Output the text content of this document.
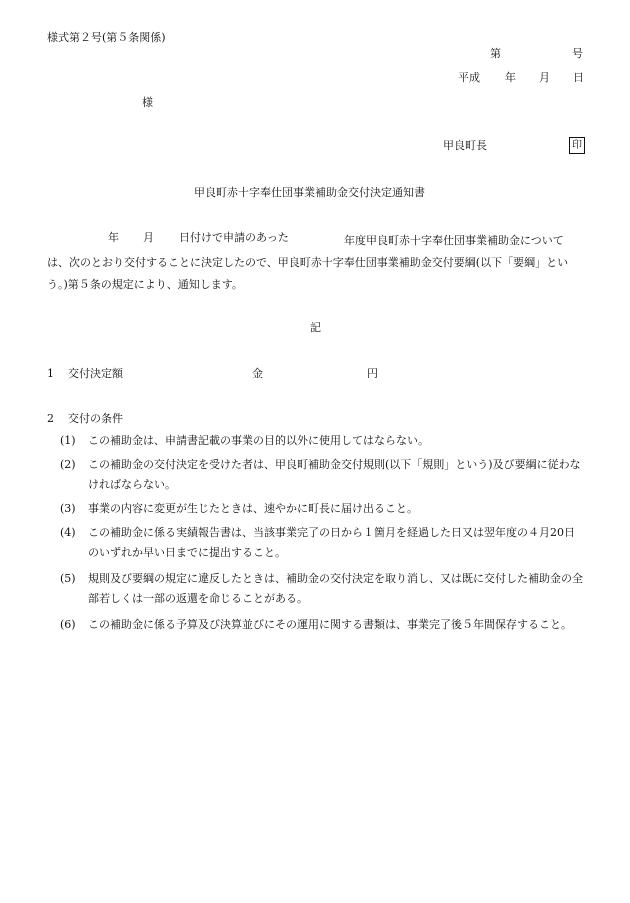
様式第２号(第５条関係)
第	号
平成 年 月 日
様
甲良町長	印
甲良町赤十字奉仕団事業補助金交付決定通知書
年 月 日付けで申請のあった	年度甲良町赤十字奉仕団事業補助金については、次のとおり交付することに決定したので、甲良町赤十字奉仕団事業補助金交付要綱(以下「要綱」という。)第５条の規定により、通知します。
記
1 交付決定額	金	円
2 交付の条件
(1)	この補助金は、申請書記載の事業の目的以外に使用してはならない。
(2)	この補助金の交付決定を受けた者は、甲良町補助金交付規則(以下「規則」という)及び要綱に従わなければならない。
(3)	事業の内容に変更が生じたときは、速やかに町長に届け出ること。
(4)	この補助金に係る実績報告書は、当該事業完了の日から１箇月を経過した日又は翌年度の４月20日のいずれか早い日までに提出すること。
(5)	規則及び要綱の規定に違反したときは、補助金の交付決定を取り消し、又は既に交付した補助金の全部若しくは一部の返還を命じることがある。
(6)	この補助金に係る予算及び決算並びにその運用に関する書類は、事業完了後５年間保存すること。
